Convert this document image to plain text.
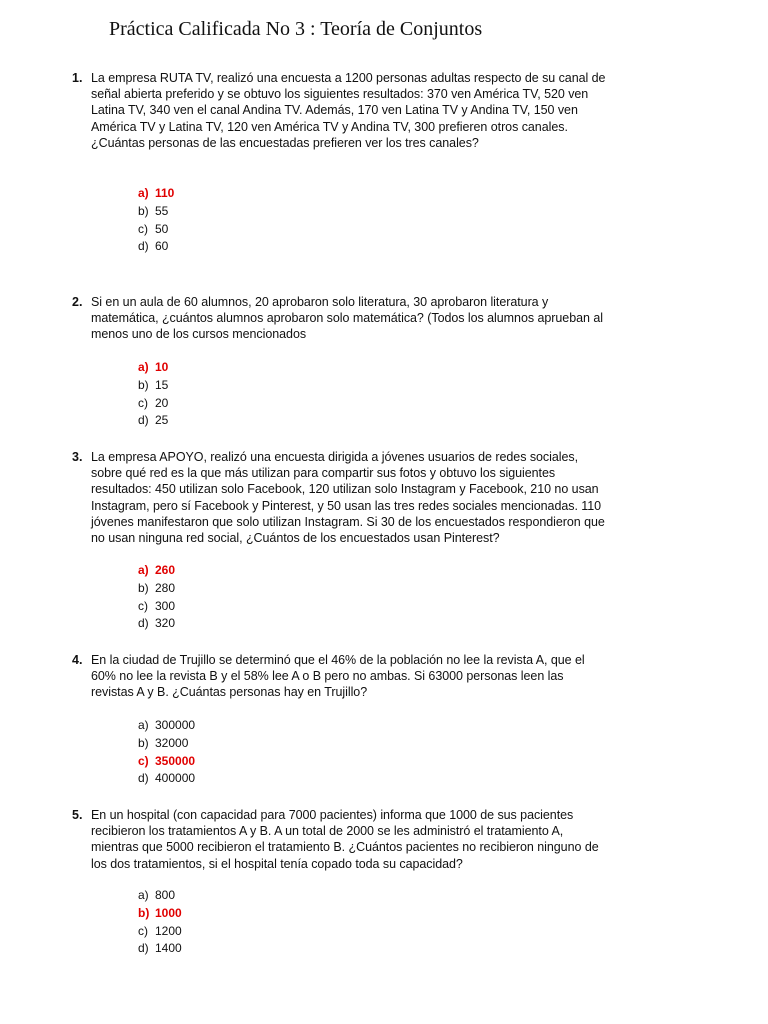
Práctica Calificada No 3 : Teoría de Conjuntos
1. La empresa RUTA TV, realizó una encuesta a 1200 personas adultas respecto de su canal de
señal abierta preferido y se obtuvo los siguientes resultados: 370 ven América TV, 520 ven
Latina TV, 340 ven el canal Andina TV. Además, 170 ven Latina TV y Andina TV, 150 ven
América TV y Latina TV, 120 ven América TV y Andina TV, 300 prefieren otros canales.
¿Cuántas personas de las encuestadas prefieren ver los tres canales?
a) 110
b) 55
c) 50
d) 60
2. Si en un aula de 60 alumnos, 20 aprobaron solo literatura, 30 aprobaron literatura y
matemática, ¿cuántos alumnos aprobaron solo matemática? (Todos los alumnos aprueban al
menos uno de los cursos mencionados
a) 10
b) 15
c) 20
d) 25
3. La empresa APOYO, realizó una encuesta dirigida a jóvenes usuarios de redes sociales,
sobre qué red es la que más utilizan para compartir sus fotos y obtuvo los siguientes
resultados: 450 utilizan solo Facebook, 120 utilizan solo Instagram y Facebook, 210 no usan
Instagram, pero sí Facebook y Pinterest, y 50 usan las tres redes sociales mencionadas. 110
jóvenes manifestaron que solo utilizan Instagram. Si 30 de los encuestados respondieron que
no usan ninguna red social, ¿Cuántos de los encuestados usan Pinterest?
a) 260
b) 280
c) 300
d) 320
4. En la ciudad de Trujillo se determinó que el 46% de la población no lee la revista A, que el
60% no lee la revista B y el 58% lee A o B pero no ambas. Si 63000 personas leen las
revistas A y B. ¿Cuántas personas hay en Trujillo?
a) 300000
b) 32000
c) 350000
d) 400000
5. En un hospital (con capacidad para 7000 pacientes) informa que 1000 de sus pacientes
recibieron los tratamientos A y B. A un total de 2000 se les administró el tratamiento A,
mientras que 5000 recibieron el tratamiento B. ¿Cuántos pacientes no recibieron ninguno de
los dos tratamientos, si el hospital tenía copado toda su capacidad?
a) 800
b) 1000
c) 1200
d) 1400
